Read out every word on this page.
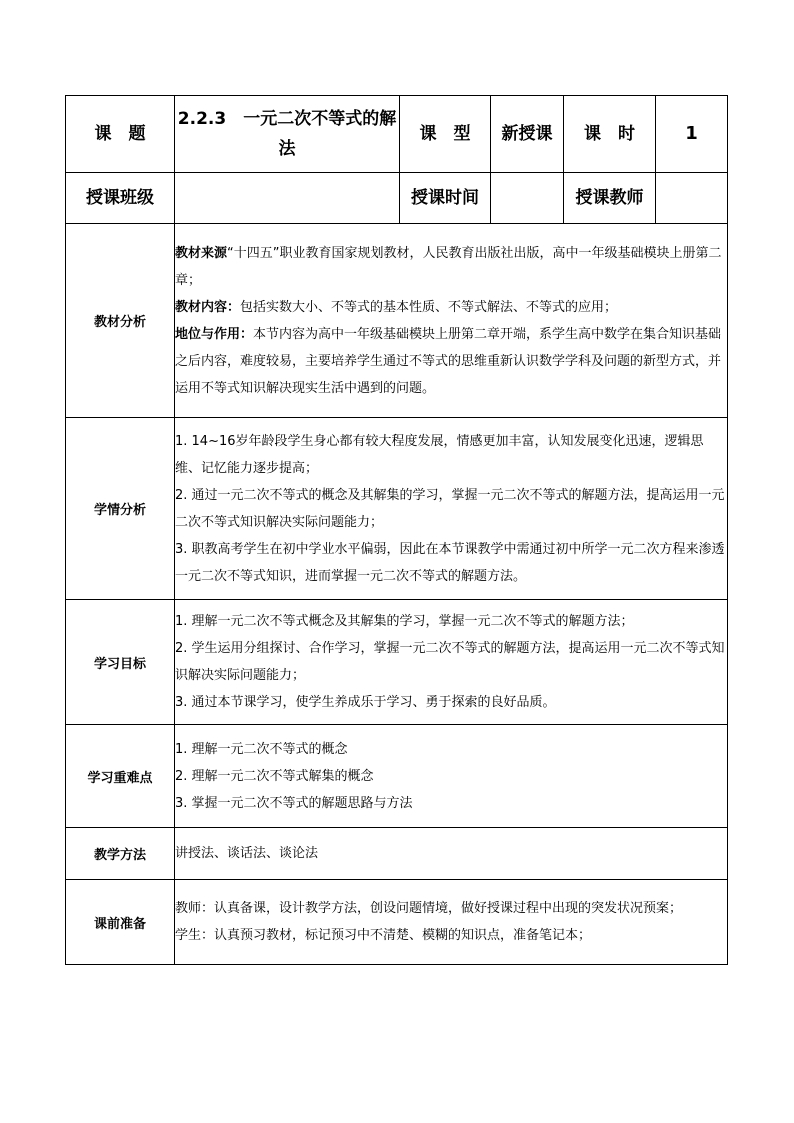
课　题	2.2.3　一元二次不等式的解法	课　型	新授课	课　时	1
授课班级		授课时间		授课教师	
教材分析	教材来源“十四五”职业教育国家规划教材，人民教育出版社出版，高中一年级基础模块上册第二章；

教材内容：包括实数大小、不等式的基本性质、不等式解法、不等式的应用；

地位与作用：本节内容为高中一年级基础模块上册第二章开端，系学生高中数学在集合知识基础之后内容，难度较易，主要培养学生通过不等式的思维重新认识数学学科及问题的新型方式，并运用不等式知识解决现实生活中遇到的问题。				

学情分析	1. 14~16岁年龄段学生身心都有较大程度发展，情感更加丰富，认知发展变化迅速，逻辑思维、记忆能力逐步提高；

2. 通过一元二次不等式的概念及其解集的学习，掌握一元二次不等式的解题方法，提高运用一元二次不等式知识解决实际问题能力；

3. 职教高考学生在初中学业水平偏弱，因此在本节课教学中需通过初中所学一元二次方程来渗透一元二次不等式知识，进而掌握一元二次不等式的解题方法。				

学习目标	1. 理解一元二次不等式概念及其解集的学习，掌握一元二次不等式的解题方法；

2. 学生运用分组探讨、合作学习，掌握一元二次不等式的解题方法，提高运用一元二次不等式知识解决实际问题能力；

3. 通过本节课学习，使学生养成乐于学习、勇于探索的良好品质。				

学习重难点	1. 理解一元二次不等式的概念

2. 理解一元二次不等式解集的概念

3. 掌握一元二次不等式的解题思路与方法				

教学方法	讲授法、谈话法、谈论法				

课前准备	教师：认真备课，设计教学方法，创设问题情境，做好授课过程中出现的突发状况预案；

学生：认真预习教材，标记预习中不清楚、模糊的知识点，准备笔记本；				
